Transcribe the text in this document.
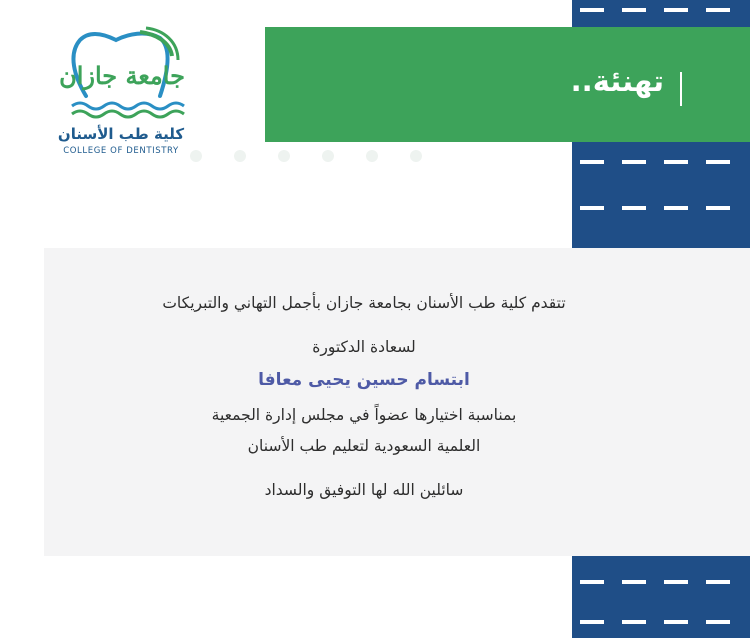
تهنئة..
جامعة جازان
كلية طب الأسنان
COLLEGE OF DENTISTRY
تتقدم كلية طب الأسنان بجامعة جازان بأجمل التهاني والتبريكات
لسعادة الدكتورة
ابتسام حسين يحيى معافا
بمناسبة اختيارها عضواً في مجلس إدارة الجمعية
العلمية السعودية لتعليم طب الأسنان
سائلين الله لها التوفيق والسداد
